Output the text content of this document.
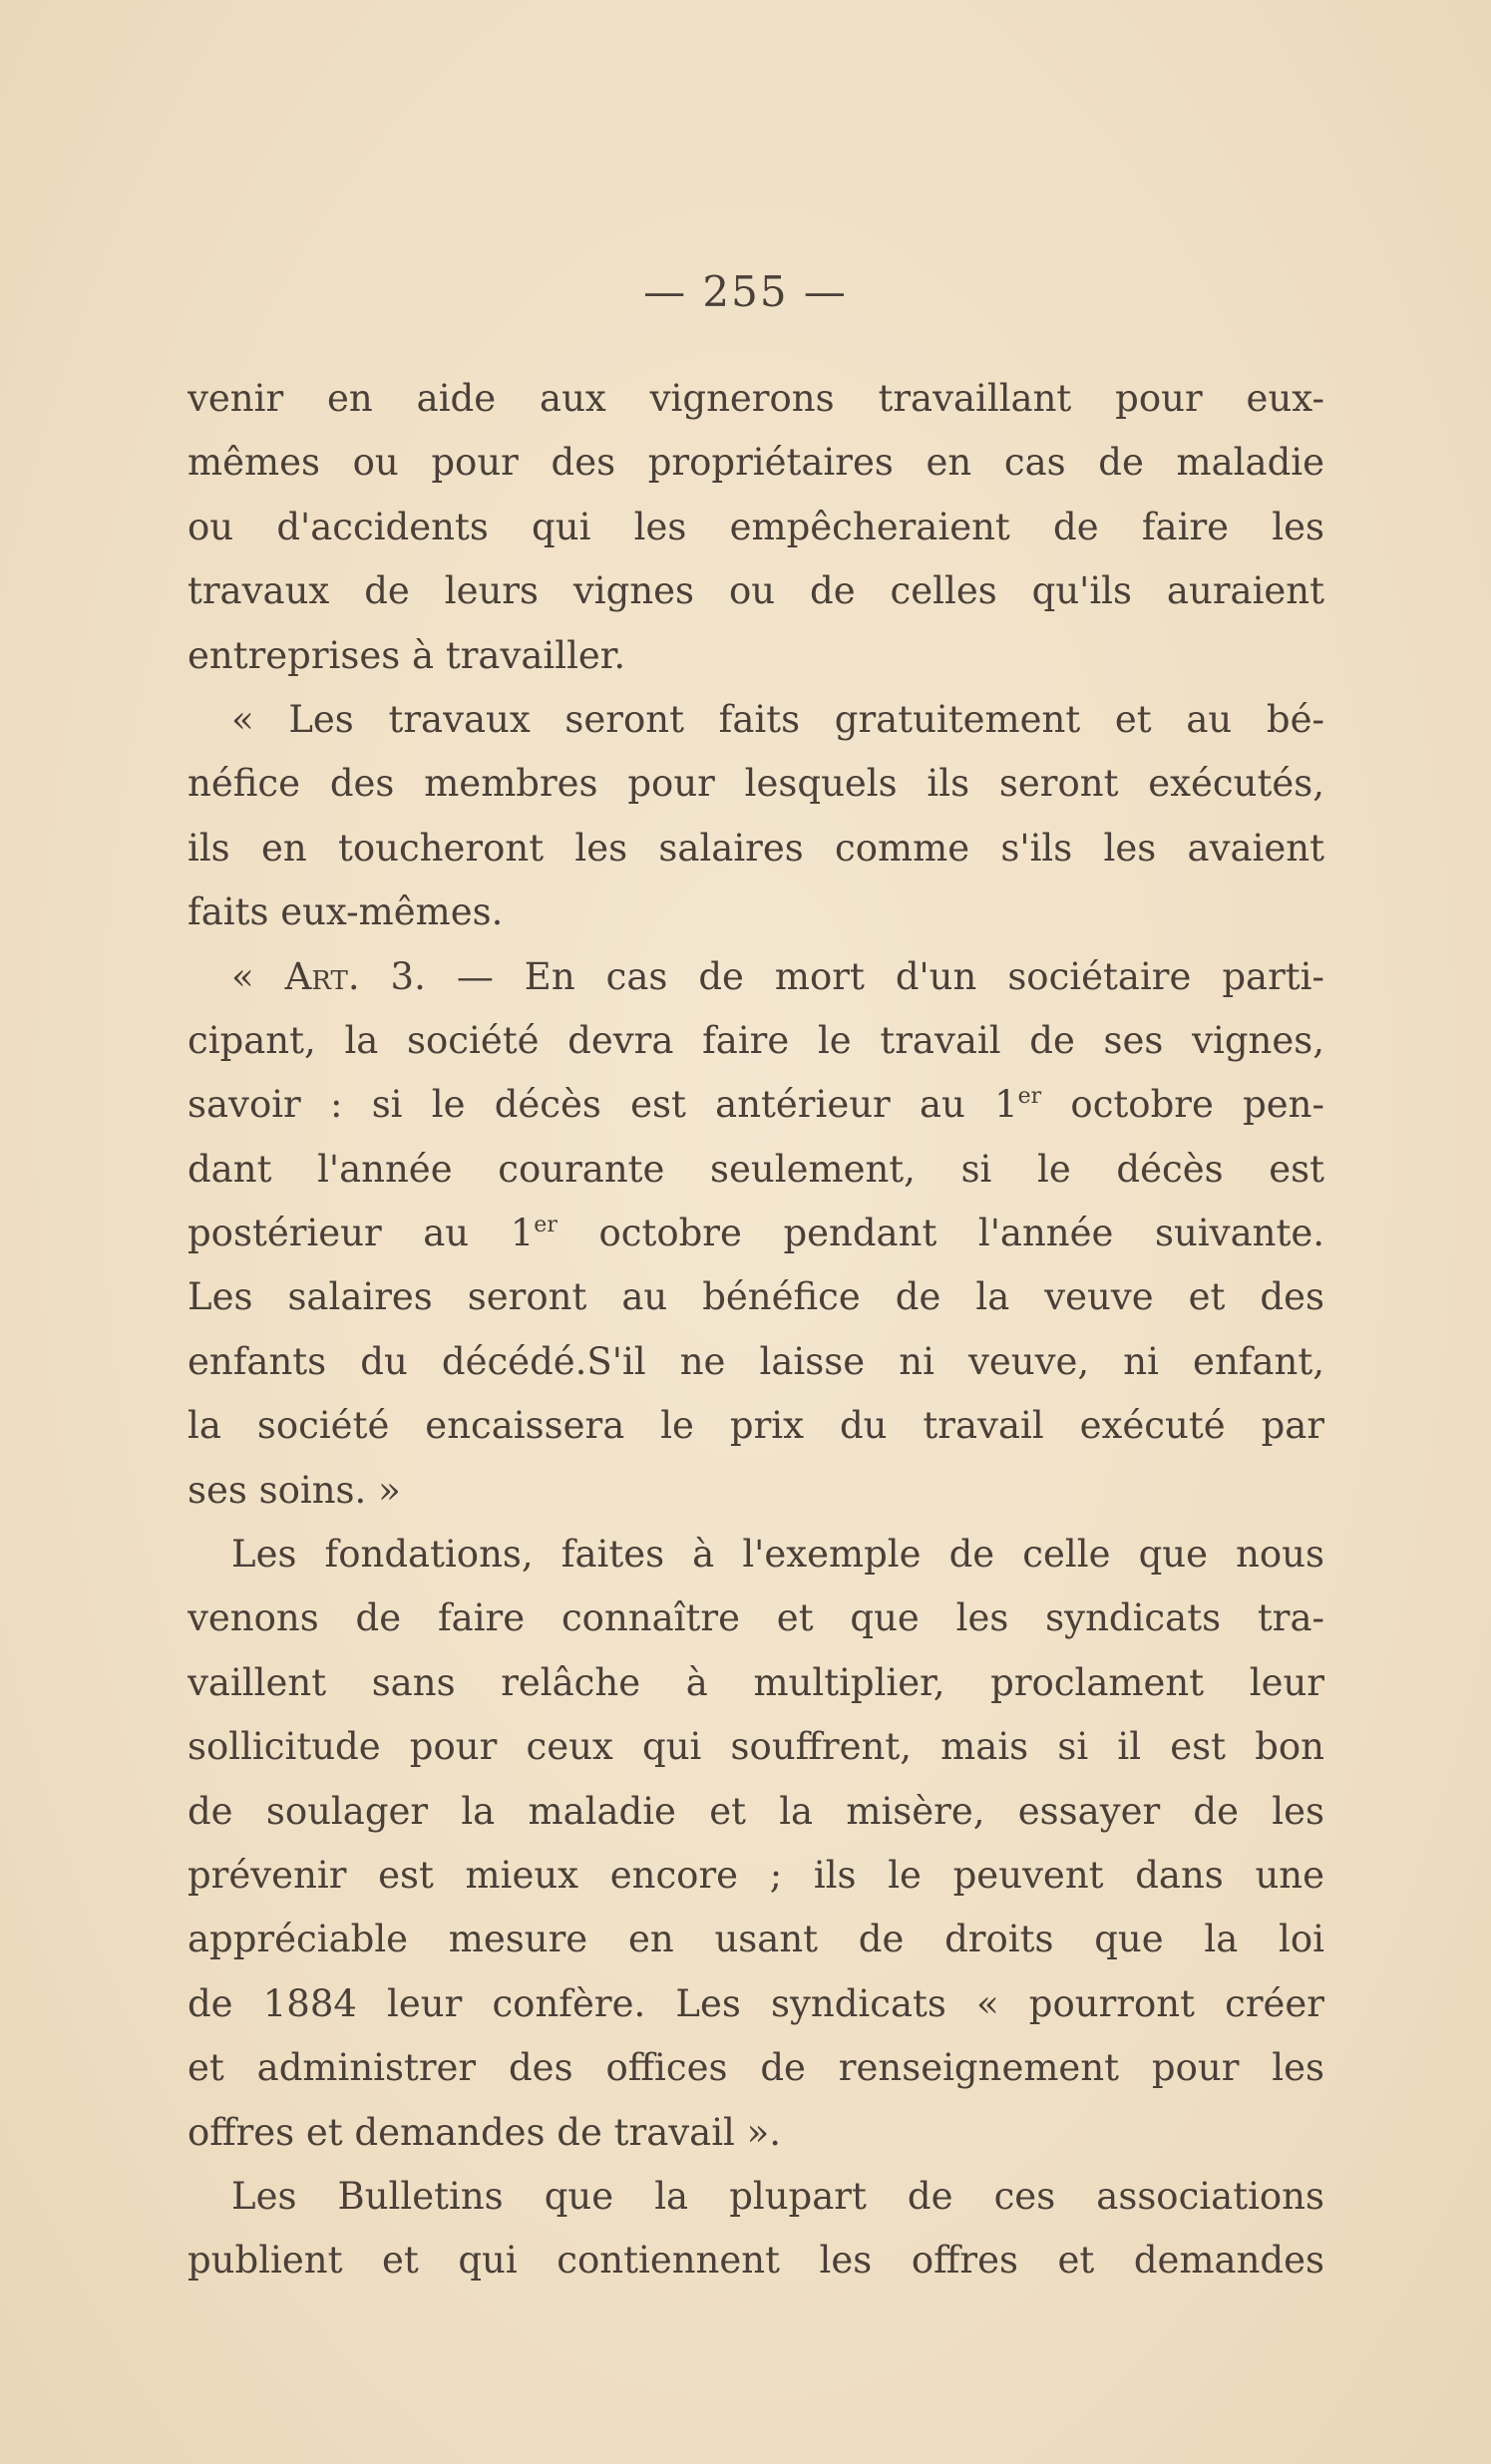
— 255 —
venir en aide aux vignerons travaillant pour eux-
mêmes ou pour des propriétaires en cas de maladie
ou d'accidents qui les empêcheraient de faire les
travaux de leurs vignes ou de celles qu'ils auraient
entreprises à travailler.
« Les travaux seront faits gratuitement et au bé-
néfice des membres pour lesquels ils seront exécutés,
ils en toucheront les salaires comme s'ils les avaient
faits eux-mêmes.
« Art. 3. — En cas de mort d'un sociétaire parti-
cipant, la société devra faire le travail de ses vignes,
savoir : si le décès est antérieur au 1er octobre pen-
dant l'année courante seulement, si le décès est
postérieur au 1er octobre pendant l'année suivante.
Les salaires seront au bénéfice de la veuve et des
enfants du décédé.S'il ne laisse ni veuve, ni enfant,
la société encaissera le prix du travail exécuté par
ses soins. »
Les fondations, faites à l'exemple de celle que nous
venons de faire connaître et que les syndicats tra-
vaillent sans relâche à multiplier, proclament leur
sollicitude pour ceux qui souffrent, mais si il est bon
de soulager la maladie et la misère, essayer de les
prévenir est mieux encore ; ils le peuvent dans une
appréciable mesure en usant de droits que la loi
de 1884 leur confère. Les syndicats « pourront créer
et administrer des offices de renseignement pour les
offres et demandes de travail ».
Les Bulletins que la plupart de ces associations
publient et qui contiennent les offres et demandes
